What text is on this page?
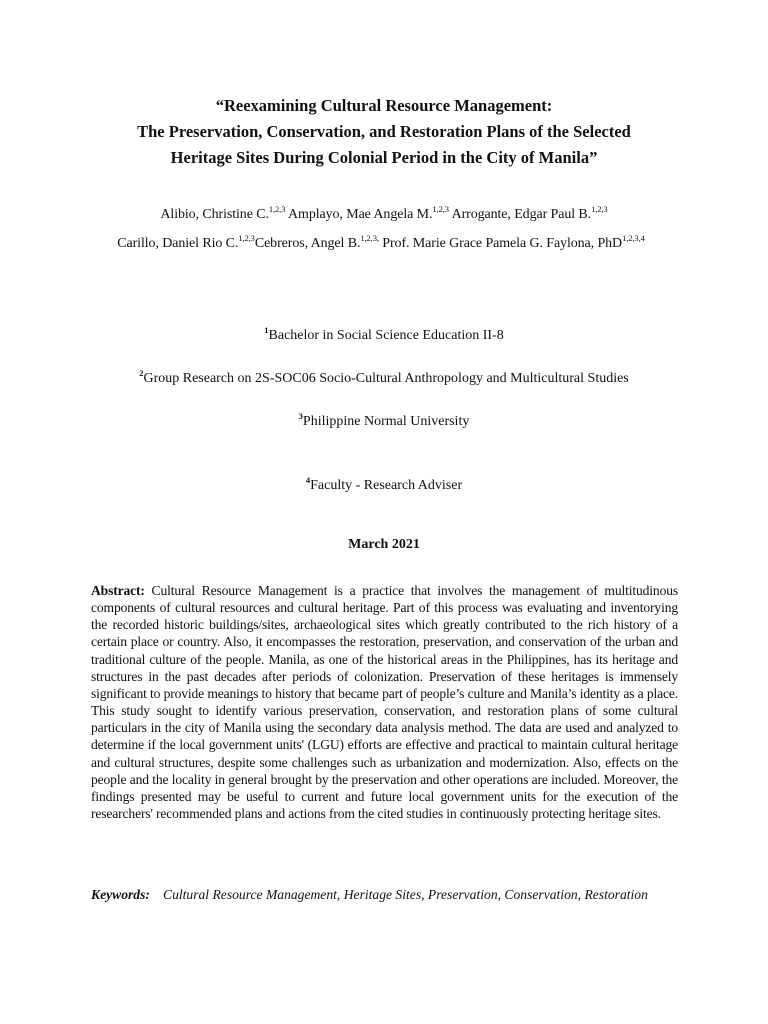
“Reexamining Cultural Resource Management:
The Preservation, Conservation, and Restoration Plans of the Selected
Heritage Sites During Colonial Period in the City of Manila”
Alibio, Christine C.$^{1,2,3}$ Amplayo, Mae Angela M.$^{1,2,3}$ Arrogante, Edgar Paul B.$^{1,2,3}$
Carillo, Daniel Rio C.$^{1,2,3}$Cebreros, Angel B.$^{1,2,3,}$ Prof. Marie Grace Pamela G. Faylona, PhD$^{1,2,3,4}$
$^1$Bachelor in Social Science Education II-8
$^2$Group Research on 2S-SOC06 Socio-Cultural Anthropology and Multicultural Studies
$^3$Philippine Normal University
$^4$Faculty - Research Adviser
March 2021
Abstract: Cultural Resource Management is a practice that involves the management of multitudinous components of cultural resources and cultural heritage. Part of this process was evaluating and inventorying the recorded historic buildings/sites, archaeological sites which greatly contributed to the rich history of a certain place or country. Also, it encompasses the restoration, preservation, and conservation of the urban and traditional culture of the people. Manila, as one of the historical areas in the Philippines, has its heritage and structures in the past decades after periods of colonization. Preservation of these heritages is immensely significant to provide meanings to history that became part of people’s culture and Manila’s identity as a place. This study sought to identify various preservation, conservation, and restoration plans of some cultural particulars in the city of Manila using the secondary data analysis method. The data are used and analyzed to determine if the local government units' (LGU) efforts are effective and practical to maintain cultural heritage and cultural structures, despite some challenges such as urbanization and modernization. Also, effects on the people and the locality in general brought by the preservation and other operations are included. Moreover, the findings presented may be useful to current and future local government units for the execution of the researchers' recommended plans and actions from the cited studies in continuously protecting heritage sites.
Keywords: Cultural Resource Management, Heritage Sites, Preservation, Conservation, Restoration
